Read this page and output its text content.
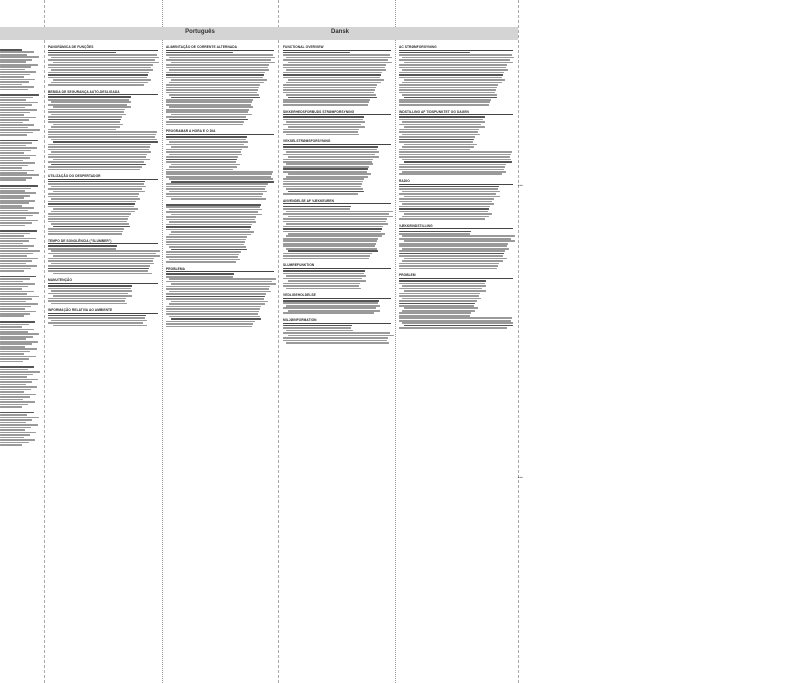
Português	Dansk
PANORÂMICA DE FUNÇÕES
BEBIDA DE SEGURANÇA AUTO-DESLIGADA
UTILIZAÇÃO DO DESPERTADOR
TEMPO DE SONOLÊNCIA ("SLUMBER")
MANUTENÇÃO
INFORMAÇÃO RELATIVA AO AMBIENTE
ALIMENTAÇÃO DE CORRENTE ALTERNADA
PROGRAMAR A HORA E O DIA
PROBLEMA
FUNCTIONAL OVERVIEW
SIKKERHEDSFORBUDS STRØMFORSYNING
VEKSELSTRØMSFORSYNING
ANVENDELSE AF VÆKKEUREN
SLUMREFUNKTION
VEDLIGEHOLDELSE
MILJØINFORMATION
AC STRØMFORSYNING
INDSTILLING AF TIDSPUNKTET OG DAGEN
RADIO
VÆKKEINDSTILLING
PROBLEM
...
...
